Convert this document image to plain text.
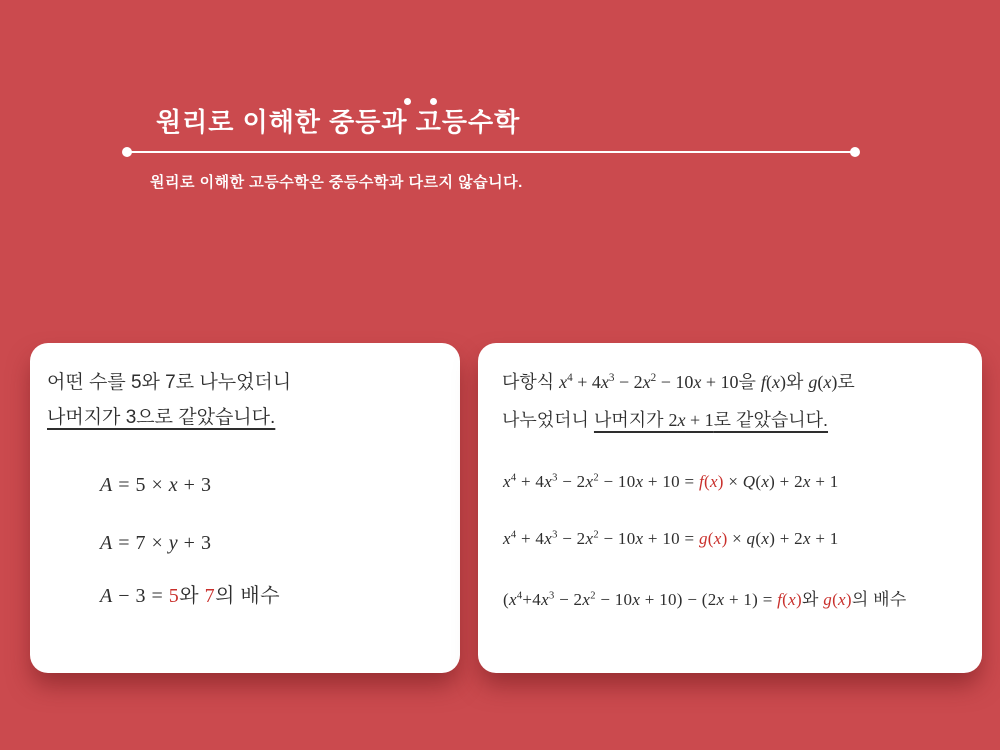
원리로 이해한 중등과 고등수학

원리로 이해한 고등수학은 중등수학과 다르지 않습니다.

어떤 수를 5와 7로 나누었더니
나머지가 3으로 같았습니다.

A = 5 × x + 3
A = 7 × y + 3
A − 3 = 5와 7의 배수

다항식 $x^4 + 4x^3 - 2x^2 - 10x + 10$을 f(x)와 g(x)로
나누었더니 나머지가 2x + 1로 같았습니다.

$x^4 + 4x^3 - 2x^2 - 10x + 10 = f(x) \times Q(x) + 2x + 1$
$x^4 + 4x^3 - 2x^2 - 10x + 10 = g(x) \times q(x) + 2x + 1$
$(x^4+4x^3 - 2x^2 - 10x + 10) - (2x + 1) = f(x)$와 g(x)의 배수
